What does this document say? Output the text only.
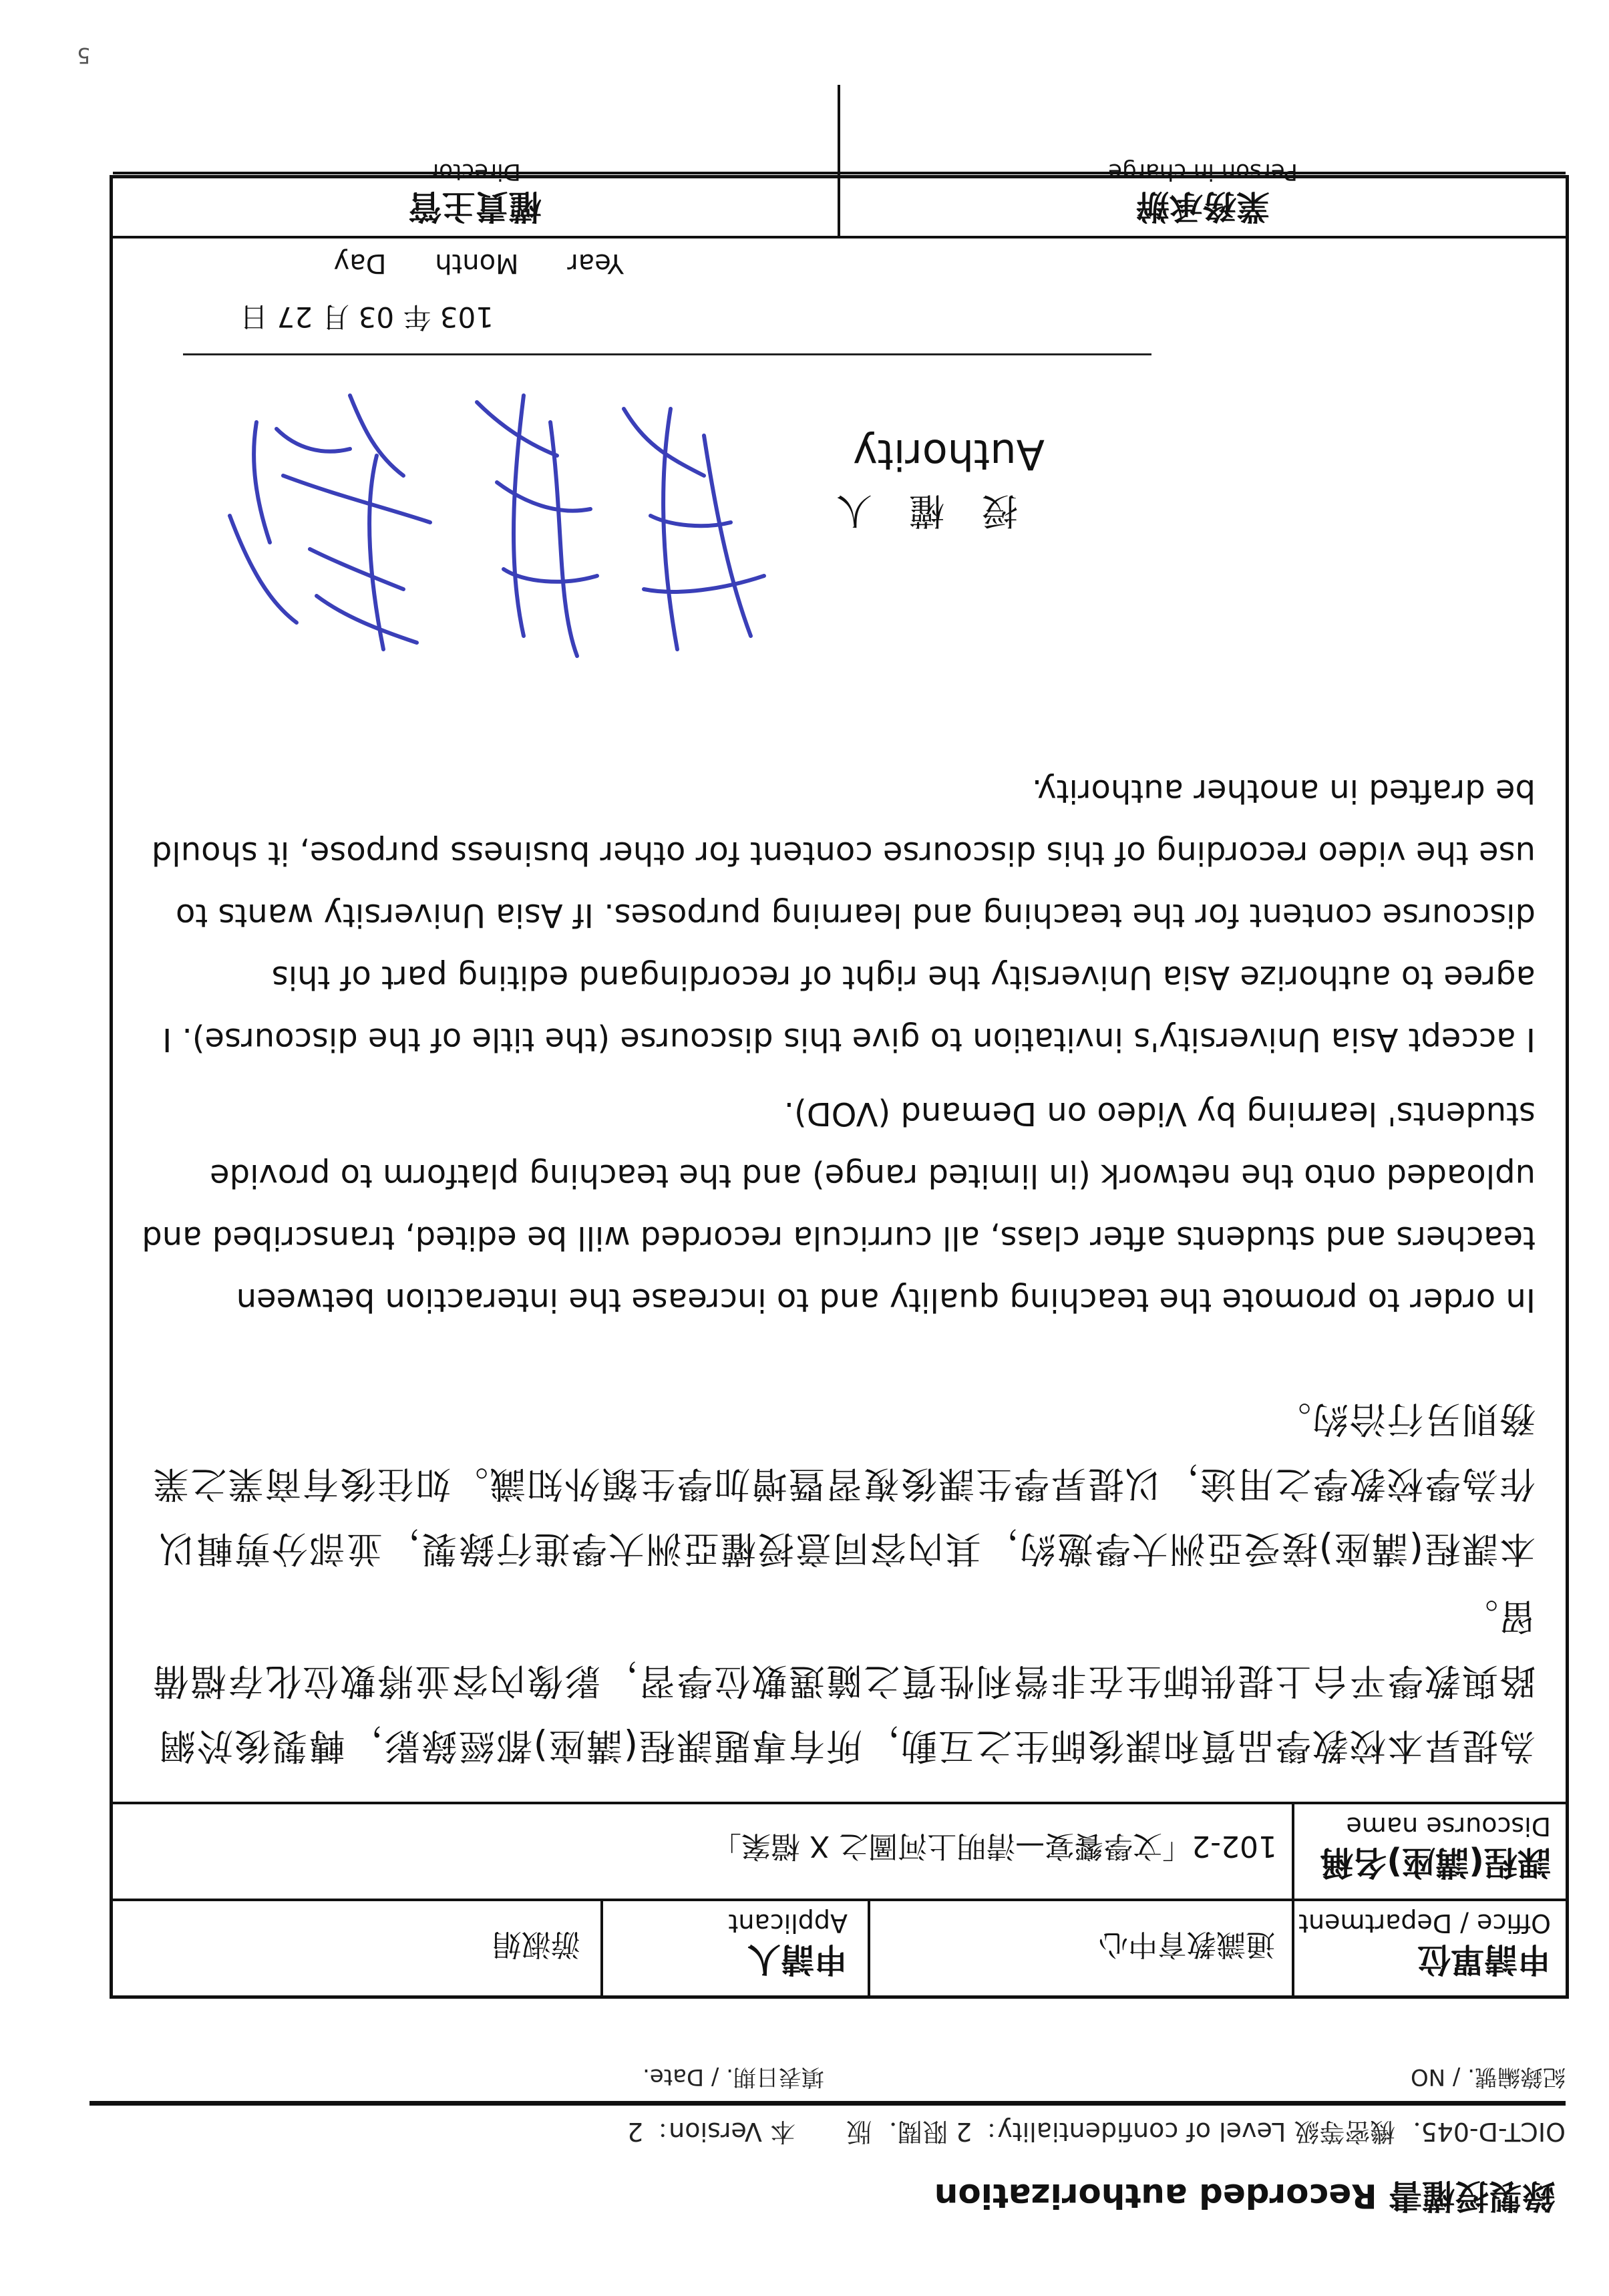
錄製授權書 Recorded authorization
OICT-D-045．機密等級 Level of confidentiality：2 限閱．版　　本 Version：2
紀錄編號. / NO
填表日期. / Date.
申請單位
Office / Department
通識教育中心
申請人
Applicant
游淑娟
課程(講座)名稱
Discourse name
102-2「文學饗宴—清明上河圖之 X 檔案」
為提昇本校教學品質和課後師生之互動，所有專題課程(講座)都經錄影，轉製後於網路與教學平台上提供師生在非營利性質之隨選數位學習，影像內容並將數位化存檔備留。
本課程(講座)接受亞洲大學邀約，其內容同意授權亞洲大學進行錄製，並部分剪輯以作為學校教學之用途，以提昇學生課後複習暨增加學生額外知識。如往後有商業之業務則另行洽約。
In order to promote the teaching quality and to increase the interaction between teachers and students after class, all curricula recorded will be edited, transcribed and uploaded onto the network (in limited range) and the teaching platform to provide students' learning by Video on Demand (VOD).
I accept Asia University's invitation to give this discourse (the title of the discourse). I agree to authorize Asia University the right of recordingand editing part of this discourse content for the teaching and learning purposes. If Asia University wants to use the video recording of this discourse content for other business purpose, it should be drafted in another authority.
授權人
Authority
103 年 03 月 27 日
Year Month Day
業務承辦
Person in charge
權責主管
Director
5
